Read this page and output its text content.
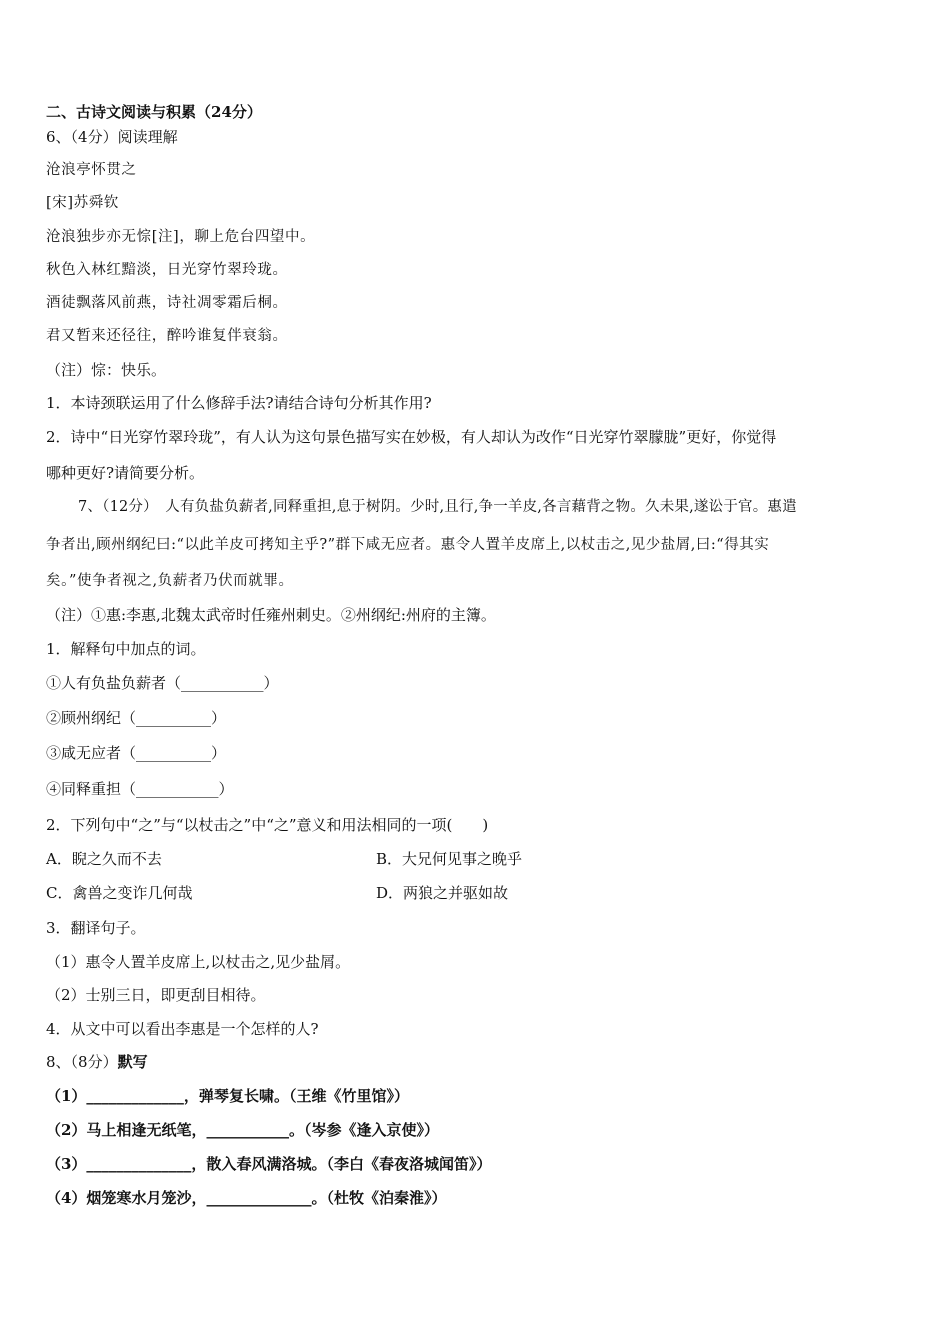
二、古诗文阅读与积累（24分）
6、（4分）阅读理解
沧浪亭怀贯之
[宋]苏舜钦
沧浪独步亦无悰[注]，聊上危台四望中。
秋色入林红黯淡，日光穿竹翠玲珑。
酒徒飘落风前燕，诗社凋零霜后桐。
君又暂来还径往，醉吟谁复伴衰翁。
（注）悰：快乐。
1．本诗颈联运用了什么修辞手法?请结合诗句分析其作用?
2．诗中“日光穿竹翠玲珑”，有人认为这句景色描写实在妙极，有人却认为改作“日光穿竹翠朦胧”更好，你觉得
哪种更好?请简要分析。
7、（12分）　人有负盐负薪者,同释重担,息于树阴。少时,且行,争一羊皮,各言藉背之物。久未果,遂讼于官。惠遣
争者出,顾州纲纪曰:“以此羊皮可拷知主乎?”群下咸无应者。惠令人置羊皮席上,以杖击之,见少盐屑,曰:“得其实
矣。”使争者视之,负薪者乃伏而就罪。
（注）①惠:李惠,北魏太武帝时任雍州刺史。②州纲纪:州府的主簿。
1．解释句中加点的词。
①人有负盐负薪者（___________）
②顾州纲纪（__________）
③咸无应者（__________）
④同释重担（___________）
2．下列句中“之”与“以杖击之”中“之”意义和用法相同的一项(　　)
A．睨之久而不去	B．大兄何见事之晚乎
C．禽兽之变诈几何哉	D．两狼之并驱如故
3．翻译句子。
（1）惠令人置羊皮席上,以杖击之,见少盐屑。
（2）士别三日，即更刮目相待。
4．从文中可以看出李惠是一个怎样的人?
8、（8分）默写
（1）_____________，弹琴复长啸。（王维《竹里馆》）
（2）马上相逢无纸笔，___________。（岑参《逢入京使》）
（3）______________，散入春风满洛城。（李白《春夜洛城闻笛》）
（4）烟笼寒水月笼沙，______________。（杜牧《泊秦淮》）
